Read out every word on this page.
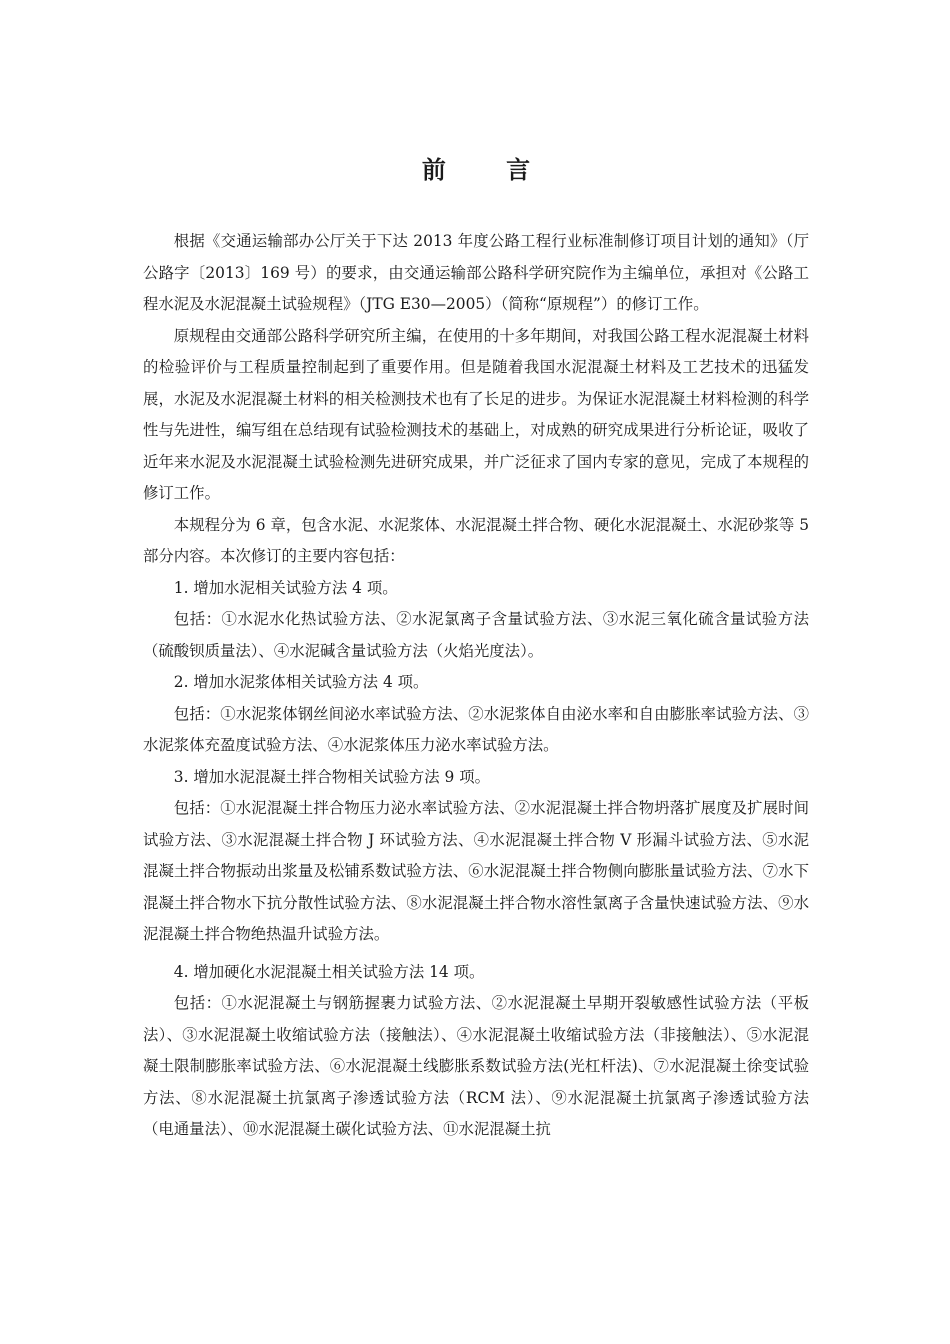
前 言

根据《交通运输部办公厅关于下达 2013 年度公路工程行业标准制修订项目计划的通知》（厅公路字〔2013〕169 号）的要求，由交通运输部公路科学研究院作为主编单位，承担对《公路工程水泥及水泥混凝土试验规程》（JTG E30—2005）（简称“原规程”）的修订工作。

原规程由交通部公路科学研究所主编，在使用的十多年期间，对我国公路工程水泥混凝土材料的检验评价与工程质量控制起到了重要作用。但是随着我国水泥混凝土材料及工艺技术的迅猛发展，水泥及水泥混凝土材料的相关检测技术也有了长足的进步。为保证水泥混凝土材料检测的科学性与先进性，编写组在总结现有试验检测技术的基础上，对成熟的研究成果进行分析论证，吸收了近年来水泥及水泥混凝土试验检测先进研究成果，并广泛征求了国内专家的意见，完成了本规程的修订工作。

本规程分为 6 章，包含水泥、水泥浆体、水泥混凝土拌合物、硬化水泥混凝土、水泥砂浆等 5 部分内容。本次修订的主要内容包括：

1. 增加水泥相关试验方法 4 项。

包括：①水泥水化热试验方法、②水泥氯离子含量试验方法、③水泥三氧化硫含量试验方法（硫酸钡质量法）、④水泥碱含量试验方法（火焰光度法）。

2. 增加水泥浆体相关试验方法 4 项。

包括：①水泥浆体钢丝间泌水率试验方法、②水泥浆体自由泌水率和自由膨胀率试验方法、③水泥浆体充盈度试验方法、④水泥浆体压力泌水率试验方法。

3. 增加水泥混凝土拌合物相关试验方法 9 项。

包括：①水泥混凝土拌合物压力泌水率试验方法、②水泥混凝土拌合物坍落扩展度及扩展时间试验方法、③水泥混凝土拌合物 J 环试验方法、④水泥混凝土拌合物 V 形漏斗试验方法、⑤水泥混凝土拌合物振动出浆量及松铺系数试验方法、⑥水泥混凝土拌合物侧向膨胀量试验方法、⑦水下混凝土拌合物水下抗分散性试验方法、⑧水泥混凝土拌合物水溶性氯离子含量快速试验方法、⑨水泥混凝土拌合物绝热温升试验方法。

4. 增加硬化水泥混凝土相关试验方法 14 项。

包括：①水泥混凝土与钢筋握裹力试验方法、②水泥混凝土早期开裂敏感性试验方法（平板法）、③水泥混凝土收缩试验方法（接触法）、④水泥混凝土收缩试验方法（非接触法）、⑤水泥混凝土限制膨胀率试验方法、⑥水泥混凝土线膨胀系数试验方法(光杠杆法)、⑦水泥混凝土徐变试验方法、⑧水泥混凝土抗氯离子渗透试验方法（RCM 法）、⑨水泥混凝土抗氯离子渗透试验方法（电通量法）、⑩水泥混凝土碳化试验方法、⑪水泥混凝土抗
